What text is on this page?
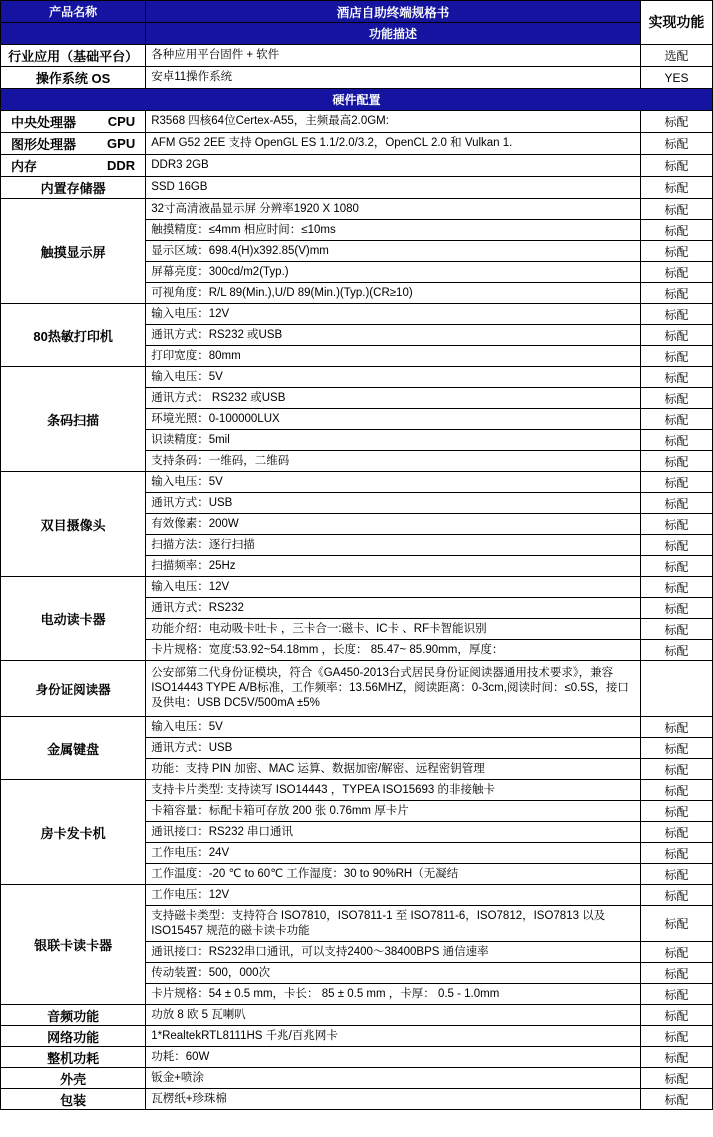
产品名称	酒店自助终端规格书	实现功能
	功能描述	
行业应用（基础平台）	各种应用平台固件 + 软件	选配
操作系统 OS	安卓11操作系统	YES
硬件配置		

中央处理器 CPU	R3568 四核64位Certex-A55，主频最高2.0GM:	标配

图形处理器 GPU	AFM G52 2EE 支持 OpenGL ES 1.1/2.0/3.2，OpenCL 2.0 和 Vulkan 1.	标配

内存 DDR	DDR3 2GB	标配
内置存储器	SSD 16GB	标配
触摸显示屏	32寸高清液晶显示屏 分辨率1920 X 1080	标配
	触摸精度：≤4mm 相应时间：≤10ms	标配
	显示区域：698.4(H)x392.85(V)mm	标配
	屏幕亮度：300cd/m2(Typ.)	标配
	可视角度：R/L 89(Min.),U/D 89(Min.)(Typ.)(CR≥10)	标配
80热敏打印机	输入电压：12V	标配
	通讯方式：RS232 或USB	标配
	打印宽度：80mm	标配
条码扫描	输入电压：5V	标配
	通讯方式： RS232 或USB	标配
	环境光照：0-100000LUX	标配
	识读精度：5mil	标配
	支持条码：一维码，二维码	标配
双目摄像头	输入电压：5V	标配
	通讯方式：USB	标配
	有效像素：200W	标配
	扫描方法：逐行扫描	标配
	扫描频率：25Hz	标配
电动读卡器	输入电压：12V	标配
	通讯方式：RS232	标配
	功能介绍：电动吸卡吐卡 ，三卡合一:磁卡、IC卡 、RF卡智能识别	标配
	卡片规格：宽度:53.92~54.18mm ，长度： 85.47~ 85.90mm，厚度：	标配
身份证阅读器	公安部第二代身份证模块，符合《GA450-2013台式居民身份证阅读器通用技术要求》，兼容ISO14443 TYPE A/B标准，工作频率：13.56MHZ，阅读距离：0-3cm,阅读时间：≤0.5S，接口及供电：USB DC5V/500mA ±5%	
金属键盘	输入电压：5V	标配
	通讯方式：USB	标配
	功能：支持 PIN 加密、MAC 运算、数据加密/解密、远程密钥管理	标配
房卡发卡机	支持卡片类型: 支持读写 ISO14443 ，TYPEA ISO15693 的非接触卡	标配
	卡箱容量：标配卡箱可存放 200 张 0.76mm 厚卡片	标配
	通讯接口：RS232 串口通讯	标配
	工作电压：24V	标配
	工作温度：-20 ℃ to 60℃ 工作湿度：30 to 90%RH（无凝结	标配
银联卡读卡器	工作电压：12V	标配
	支持磁卡类型：支持符合 ISO7810，ISO7811-1 至 ISO7811-6，ISO7812，ISO7813 以及 ISO15457 规范的磁卡读卡功能	标配
	通讯接口：RS232串口通讯，可以支持2400～38400BPS 通信速率	标配
	传动装置：500，000次	标配
	卡片规格：54 ± 0.5 mm，卡长： 85 ± 0.5 mm ，卡厚： 0.5 - 1.0mm	标配
音频功能	功放 8 欧 5 瓦喇叭	标配
网络功能	1*RealtekRTL8111HS 千兆/百兆网卡	标配
整机功耗	功耗：60W	标配
外壳	钣金+喷涂	标配
包装	瓦楞纸+珍珠棉	标配
